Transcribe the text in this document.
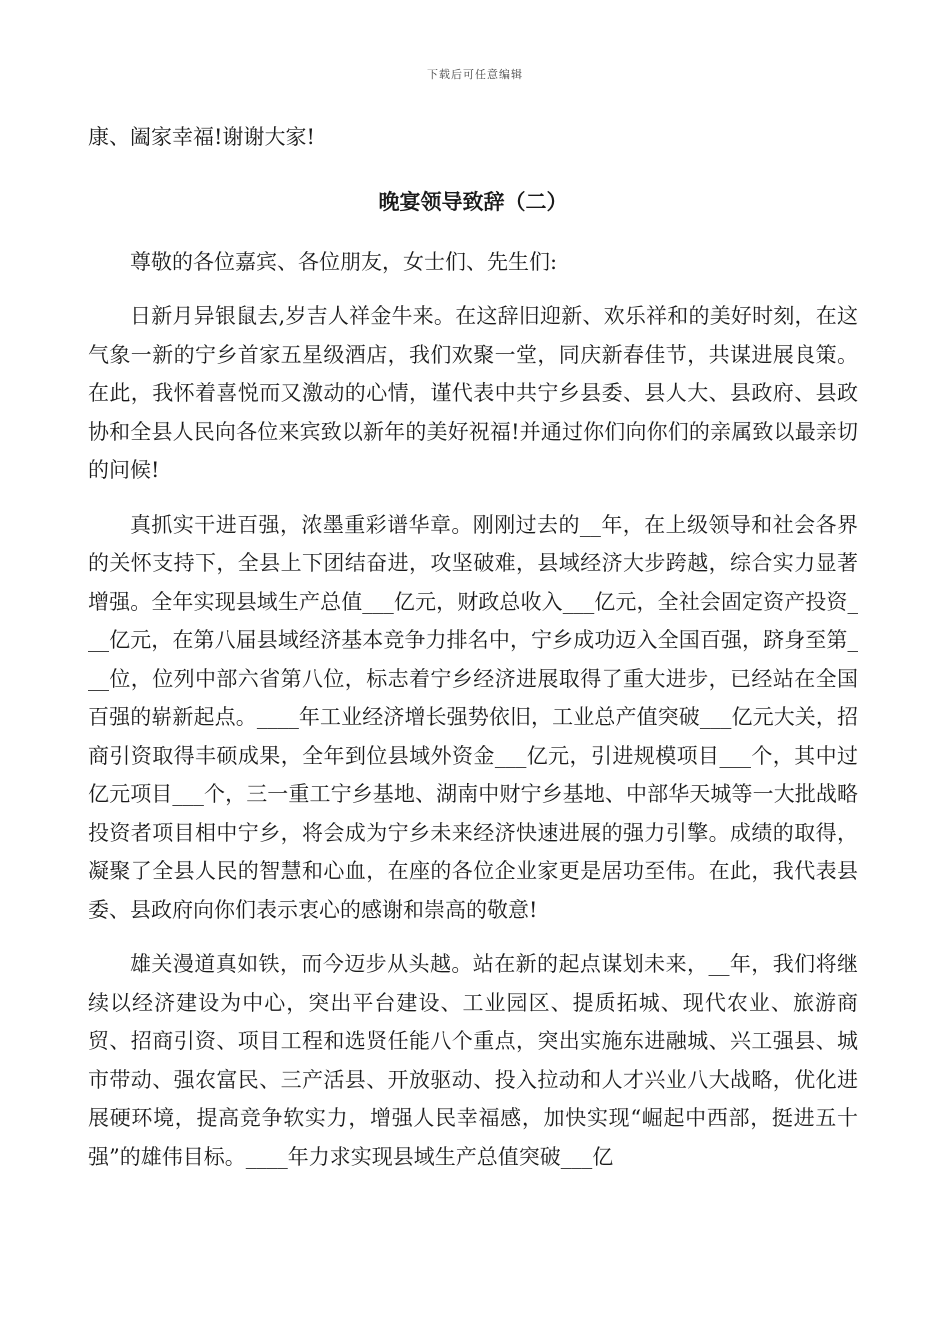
下载后可任意编辑

康、阖家幸福!谢谢大家!

晚宴领导致辞（二）

尊敬的各位嘉宾、各位朋友，女士们、先生们:

日新月异银鼠去,岁吉人祥金牛来。在这辞旧迎新、欢乐祥和的美好时刻，在这气象一新的宁乡首家五星级酒店，我们欢聚一堂，同庆新春佳节，共谋进展良策。在此，我怀着喜悦而又激动的心情，谨代表中共宁乡县委、县人大、县政府、县政协和全县人民向各位来宾致以新年的美好祝福!并通过你们向你们的亲属致以最亲切的问候!

真抓实干进百强，浓墨重彩谱华章。刚刚过去的__年，在上级领导和社会各界的关怀支持下，全县上下团结奋进，攻坚破难，县域经济大步跨越，综合实力显著增强。全年实现县域生产总值___亿元，财政总收入___亿元，全社会固定资产投资___亿元，在第八届县域经济基本竞争力排名中，宁乡成功迈入全国百强，跻身至第___位，位列中部六省第八位，标志着宁乡经济进展取得了重大进步，已经站在全国百强的崭新起点。____年工业经济增长强势依旧，工业总产值突破___亿元大关，招商引资取得丰硕成果，全年到位县域外资金___亿元，引进规模项目___个，其中过亿元项目___个，三一重工宁乡基地、湖南中财宁乡基地、中部华天城等一大批战略投资者项目相中宁乡，将会成为宁乡未来经济快速进展的强力引擎。成绩的取得，凝聚了全县人民的智慧和心血，在座的各位企业家更是居功至伟。在此，我代表县委、县政府向你们表示衷心的感谢和崇高的敬意!

雄关漫道真如铁，而今迈步从头越。站在新的起点谋划未来，__年，我们将继续以经济建设为中心，突出平台建设、工业园区、提质拓城、现代农业、旅游商贸、招商引资、项目工程和选贤任能八个重点，突出实施东进融城、兴工强县、城市带动、强农富民、三产活县、开放驱动、投入拉动和人才兴业八大战略，优化进展硬环境，提高竞争软实力，增强人民幸福感，加快实现“崛起中西部，挺进五十强”的雄伟目标。____年力求实现县域生产总值突破___亿
